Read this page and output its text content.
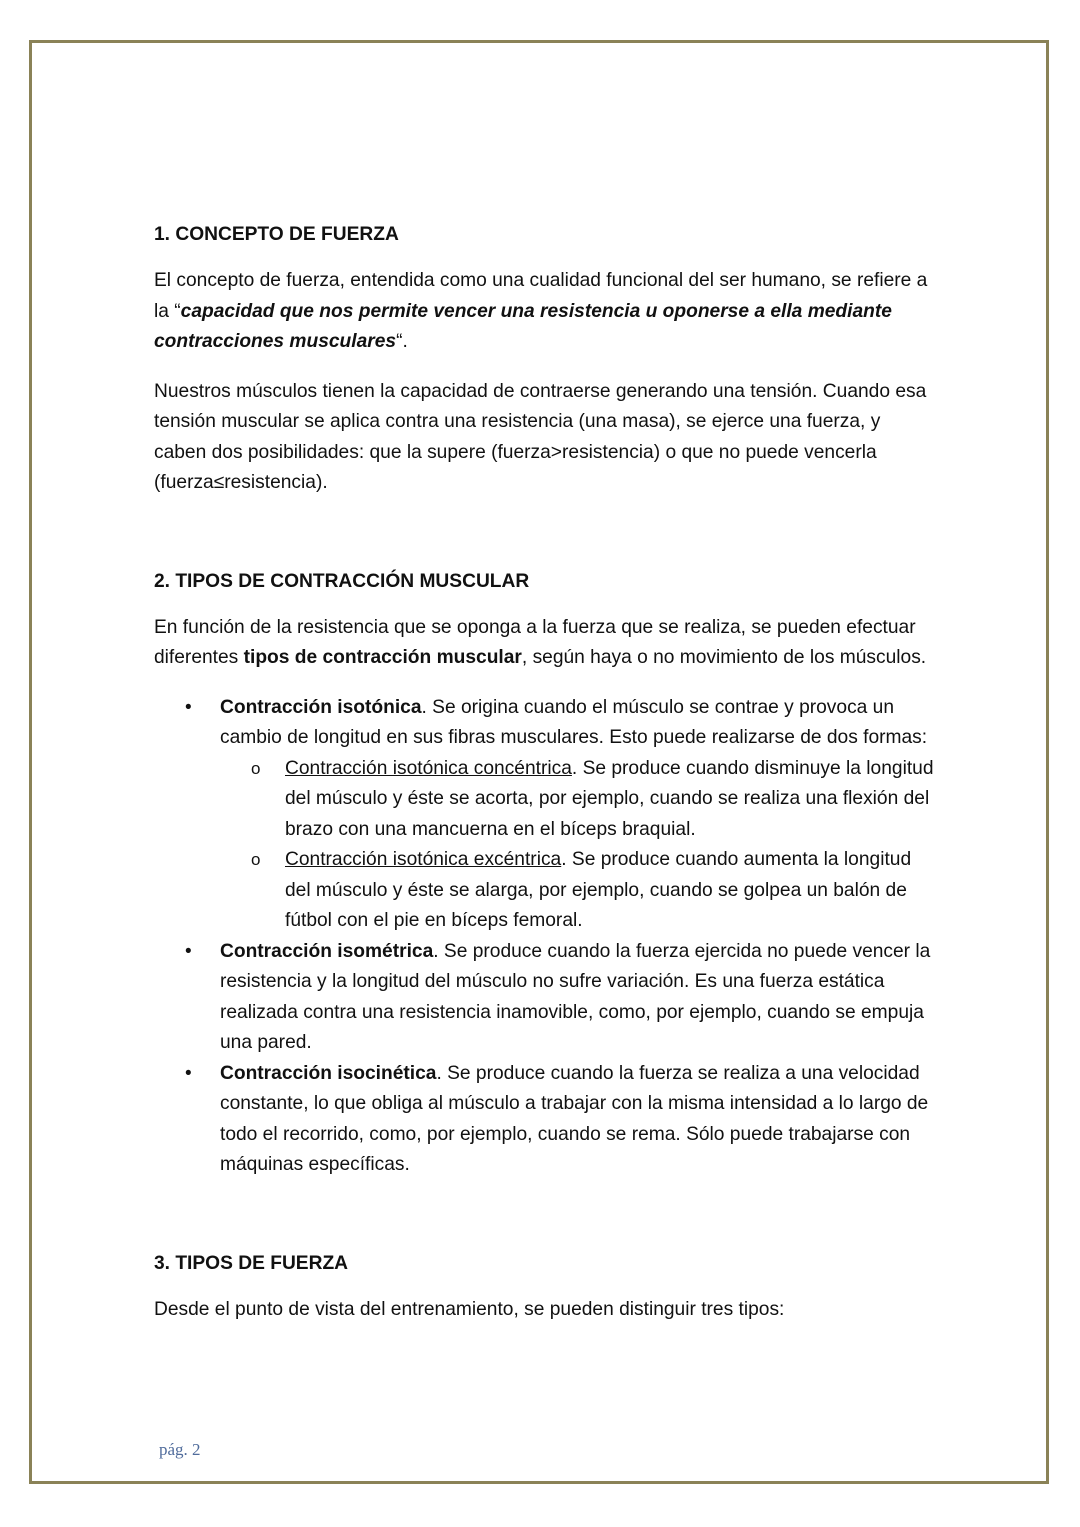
1. CONCEPTO DE FUERZA

El concepto de fuerza, entendida como una cualidad funcional del ser humano, se refiere a la “capacidad que nos permite vencer una resistencia u oponerse a ella mediante contracciones musculares“.

Nuestros músculos tienen la capacidad de contraerse generando una tensión. Cuando esa tensión muscular se aplica contra una resistencia (una masa), se ejerce una fuerza, y caben dos posibilidades: que la supere (fuerza>resistencia) o que no puede vencerla (fuerza≤resistencia).

2. TIPOS DE CONTRACCIÓN MUSCULAR

En función de la resistencia que se oponga a la fuerza que se realiza, se pueden efectuar diferentes tipos de contracción muscular, según haya o no movimiento de los músculos.

• Contracción isotónica. Se origina cuando el músculo se contrae y provoca un cambio de longitud en sus fibras musculares. Esto puede realizarse de dos formas:
o Contracción isotónica concéntrica. Se produce cuando disminuye la longitud del músculo y éste se acorta, por ejemplo, cuando se realiza una flexión del brazo con una mancuerna en el bíceps braquial.
o Contracción isotónica excéntrica. Se produce cuando aumenta la longitud del músculo y éste se alarga, por ejemplo, cuando se golpea un balón de fútbol con el pie en bíceps femoral.
• Contracción isométrica. Se produce cuando la fuerza ejercida no puede vencer la resistencia y la longitud del músculo no sufre variación. Es una fuerza estática realizada contra una resistencia inamovible, como, por ejemplo, cuando se empuja una pared.
• Contracción isocinética. Se produce cuando la fuerza se realiza a una velocidad constante, lo que obliga al músculo a trabajar con la misma intensidad a lo largo de todo el recorrido, como, por ejemplo, cuando se rema. Sólo puede trabajarse con máquinas específicas.
3. TIPOS DE FUERZA

Desde el punto de vista del entrenamiento, se pueden distinguir tres tipos:

pág. 2
